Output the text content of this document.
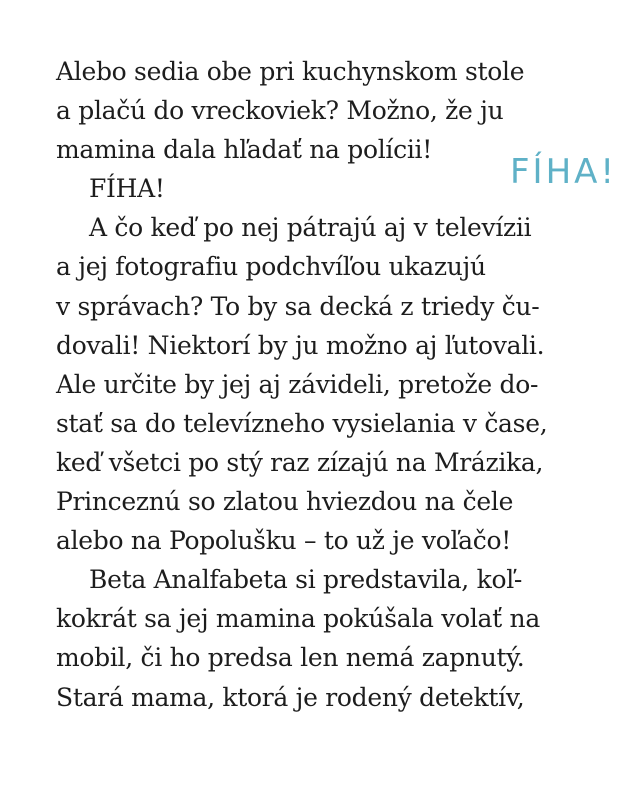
Alebo sedia obe pri kuchynskom stole
a plačú do vreckoviek? Možno, že ju
mamina dala hľadať na polícii!
FÍHA!
A čo keď po nej pátrajú aj v televízii
a jej fotografiu podchvíľou ukazujú
v správach? To by sa decká z triedy ču-
dovali! Niektorí by ju možno aj ľutovali.
Ale určite by jej aj závideli, pretože do-
stať sa do televízneho vysielania v čase,
keď všetci po stý raz zízajú na Mrázika,
Princeznú so zlatou hviezdou na čele
alebo na Popolušku – to už je voľačo!
Beta Analfabeta si predstavila, koľ-
kokrát sa jej mamina pokúšala volať na
mobil, či ho predsa len nemá zapnutý.
Stará mama, ktorá je rodený detektív,
FÍHA!
